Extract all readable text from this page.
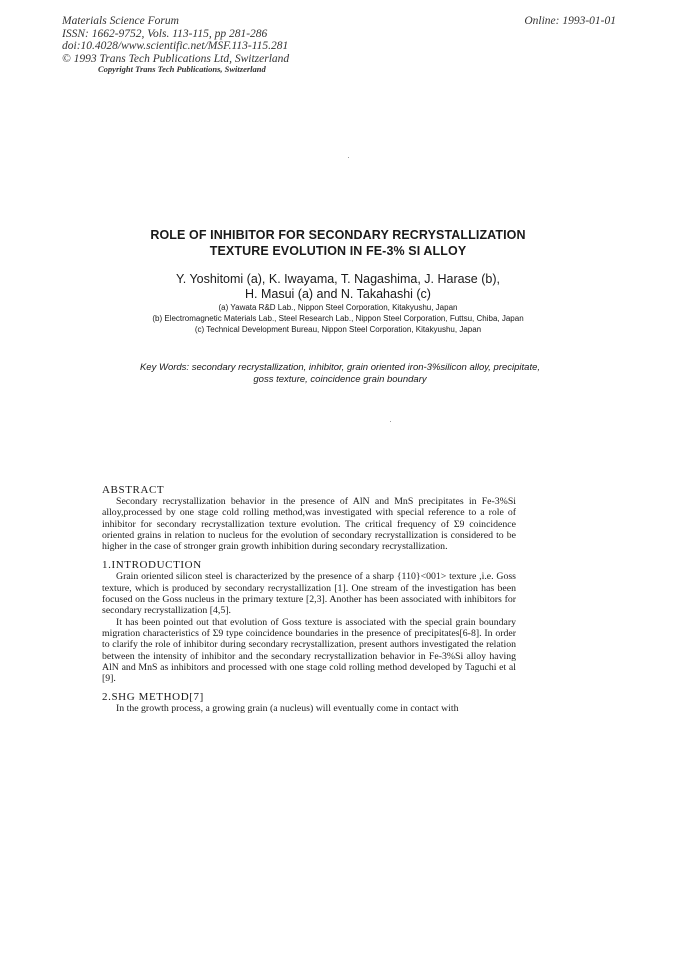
Materials Science Forum
ISSN: 1662-9752, Vols. 113-115, pp 281-286
doi:10.4028/www.scientific.net/MSF.113-115.281
© 1993 Trans Tech Publications Ltd, Switzerland
Online: 1993-01-01
Copyright Trans Tech Publications, Switzerland
ROLE OF INHIBITOR FOR SECONDARY RECRYSTALLIZATION
TEXTURE EVOLUTION IN FE-3% SI ALLOY
Y. Yoshitomi (a), K. Iwayama, T. Nagashima, J. Harase (b),
H. Masui (a) and N. Takahashi (c)
(a) Yawata R&D Lab., Nippon Steel Corporation, Kitakyushu, Japan
(b) Electromagnetic Materials Lab., Steel Research Lab., Nippon Steel Corporation, Futtsu, Chiba, Japan
(c) Technical Development Bureau, Nippon Steel Corporation, Kitakyushu, Japan
Key Words: secondary recrystallization, inhibitor, grain oriented iron-3%silicon alloy, precipitate,
goss texture, coincidence grain boundary
ABSTRACT

Secondary recrystallization behavior in the presence of AlN and MnS precipitates in Fe-3%Si alloy,processed by one stage cold rolling method,was investigated with special reference to a role of inhibitor for secondary recrystallization texture evolution. The critical frequency of Σ9 coincidence oriented grains in relation to nucleus for the evolution of secondary recrystallization is considered to be higher in the case of stronger grain growth inhibition during secondary recrystallization.

1.INTRODUCTION

Grain oriented silicon steel is characterized by the presence of a sharp {110}<001> texture ,i.e. Goss texture, which is produced by secondary recrystallization [1]. One stream of the investigation has been focused on the Goss nucleus in the primary texture [2,3]. Another has been associated with inhibitors for secondary recrystallization [4,5].

It has been pointed out that evolution of Goss texture is associated with the special grain boundary migration characteristics of Σ9 type coincidence boundaries in the presence of precipitates[6-8]. In order to clarify the role of inhibitor during secondary recrystallization, present authors investigated the relation between the intensity of inhibitor and the secondary recrystallization behavior in Fe-3%Si alloy having AlN and MnS as inhibitors and processed with one stage cold rolling method developed by Taguchi et al [9].

2.SHG METHOD[7]

In the growth process, a growing grain (a nucleus) will eventually come in contact with
